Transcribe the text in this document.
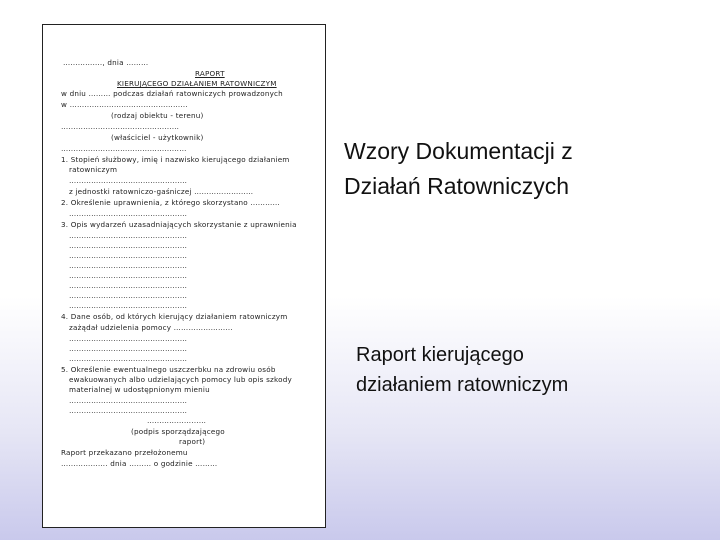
……………., dnia ………
RAPORT
KIERUJĄCEGO DZIAŁANIEM RATOWNICZYM
w dniu ……… podczas działań ratowniczych prowadzonych
w …………………………………………
(rodzaj obiektu - terenu)
…………………………………………
(właściciel - użytkownik)
……………………………………………
1. Stopień służbowy, imię i nazwisko kierującego działaniem
ratowniczym
…………………………………………
z jednostki ratowniczo-gaśniczej ……………………
2. Określenie uprawnienia, z którego skorzystano …………
…………………………………………
3. Opis wydarzeń uzasadniających skorzystanie z uprawnienia
…………………………………………
…………………………………………
…………………………………………
…………………………………………
…………………………………………
…………………………………………
…………………………………………
…………………………………………
4. Dane osób, od których kierujący działaniem ratowniczym
zażądał udzielenia pomocy ……………………
…………………………………………
…………………………………………
…………………………………………
5. Określenie ewentualnego uszczerbku na zdrowiu osób
ewakuowanych albo udzielających pomocy lub opis szkody
materialnej w udostępnionym mieniu
…………………………………………
…………………………………………
……………………
(podpis sporządzającego
raport)
Raport przekazano przełożonemu
………………. dnia ……… o godzinie ………
Wzory Dokumentacji z
Działań Ratowniczych
Raport kierującego
działaniem ratowniczym
